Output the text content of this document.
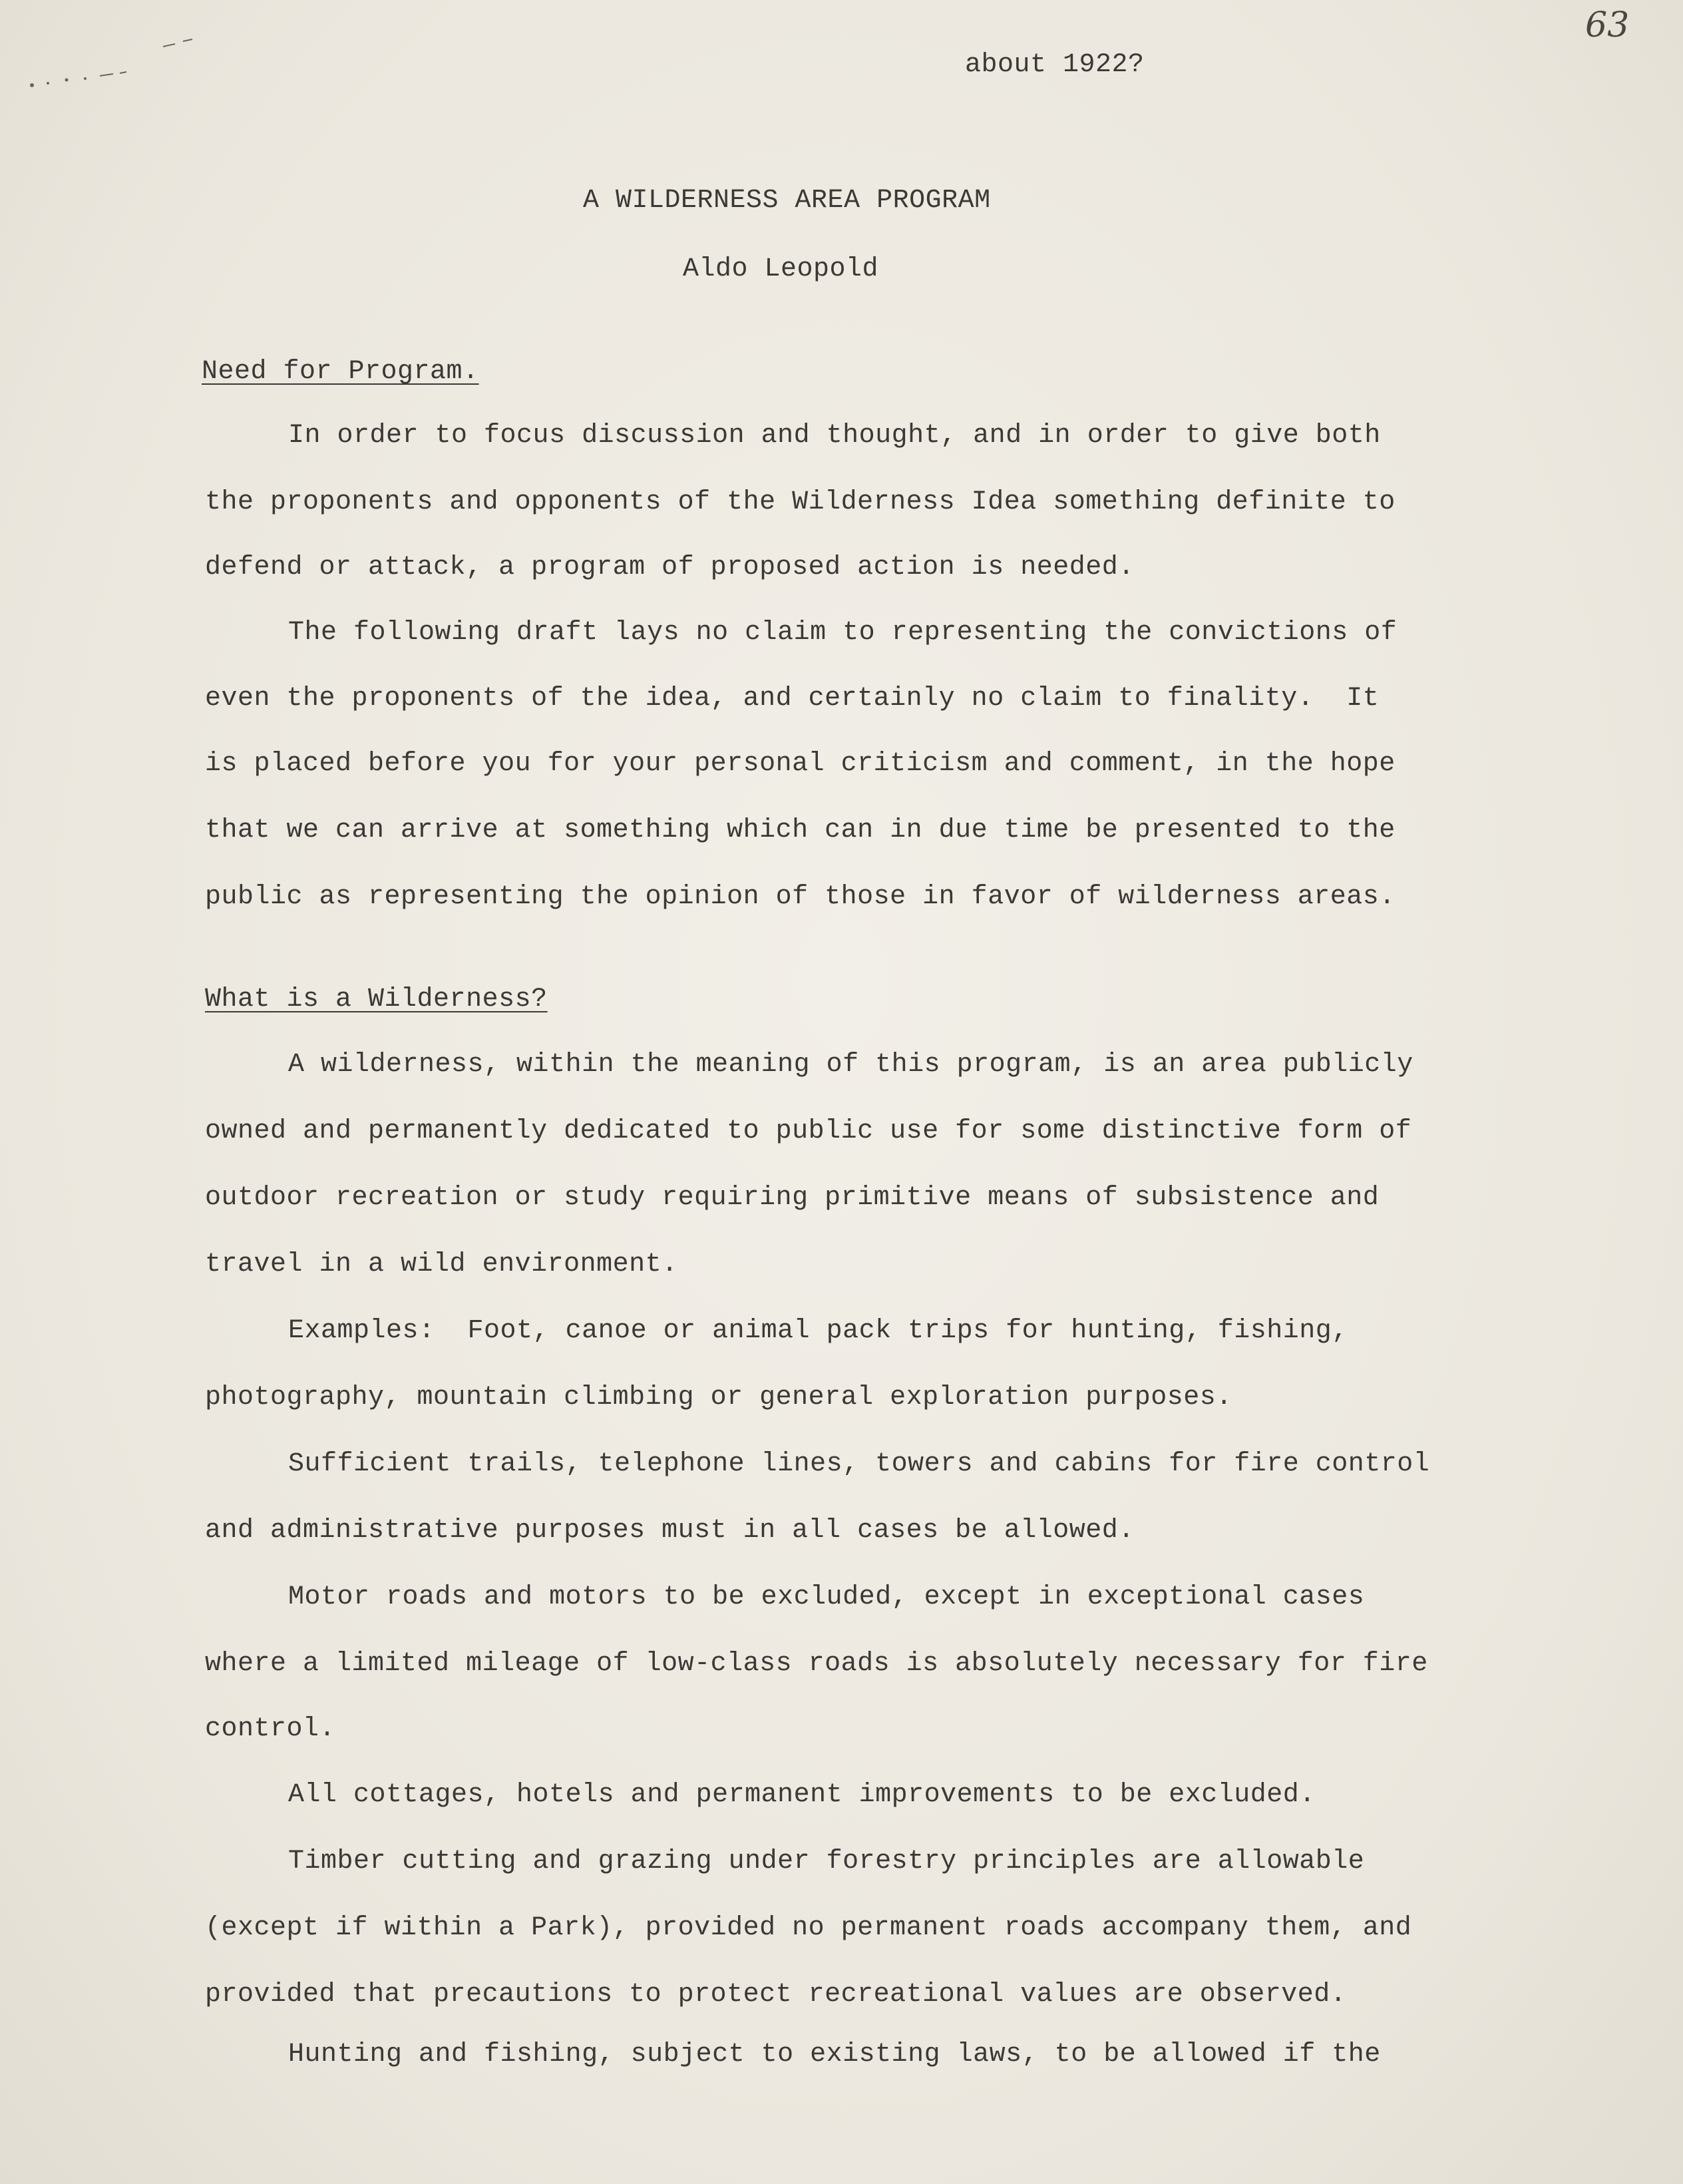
63
about 1922?
A WILDERNESS AREA PROGRAM
Aldo Leopold
Need for Program.
In order to focus discussion and thought, and in order to give both
the proponents and opponents of the Wilderness Idea something definite to
defend or attack, a program of proposed action is needed.
The following draft lays no claim to representing the convictions of
even the proponents of the idea, and certainly no claim to finality.  It
is placed before you for your personal criticism and comment, in the hope
that we can arrive at something which can in due time be presented to the
public as representing the opinion of those in favor of wilderness areas.
What is a Wilderness?
A wilderness, within the meaning of this program, is an area publicly
owned and permanently dedicated to public use for some distinctive form of
outdoor recreation or study requiring primitive means of subsistence and
travel in a wild environment.
Examples:  Foot, canoe or animal pack trips for hunting, fishing,
photography, mountain climbing or general exploration purposes.
Sufficient trails, telephone lines, towers and cabins for fire control
and administrative purposes must in all cases be allowed.
Motor roads and motors to be excluded, except in exceptional cases
where a limited mileage of low-class roads is absolutely necessary for fire
control.
All cottages, hotels and permanent improvements to be excluded.
Timber cutting and grazing under forestry principles are allowable
(except if within a Park), provided no permanent roads accompany them, and
provided that precautions to protect recreational values are observed.
Hunting and fishing, subject to existing laws, to be allowed if the
